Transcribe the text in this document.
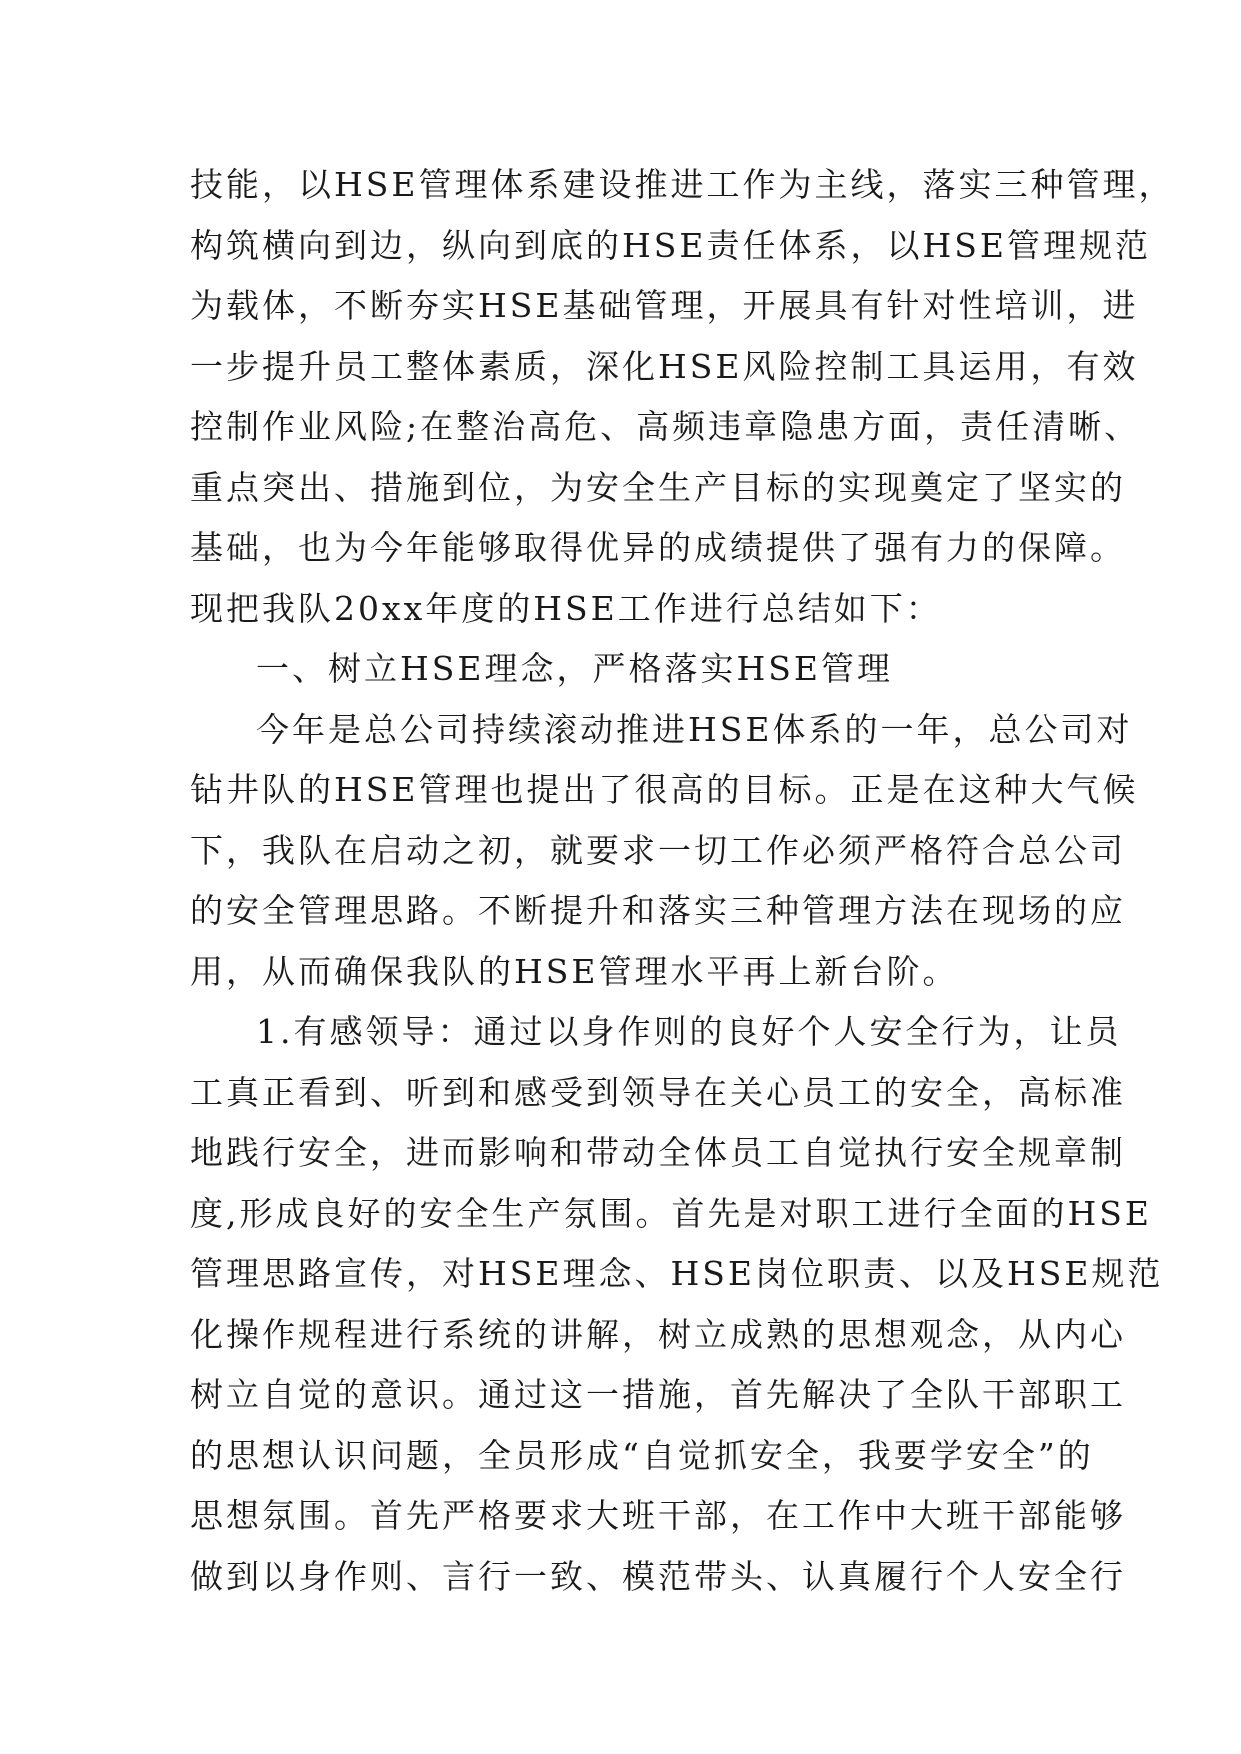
技能，以HSE管理体系建设推进工作为主线，落实三种管理，

构筑横向到边，纵向到底的HSE责任体系，以HSE管理规范

为载体，不断夯实HSE基础管理，开展具有针对性培训，进

一步提升员工整体素质，深化HSE风险控制工具运用，有效

控制作业风险;在整治高危、高频违章隐患方面，责任清晰、

重点突出、措施到位，为安全生产目标的实现奠定了坚实的

基础，也为今年能够取得优异的成绩提供了强有力的保障。

现把我队20xx年度的HSE工作进行总结如下：

一、树立HSE理念，严格落实HSE管理

今年是总公司持续滚动推进HSE体系的一年，总公司对

钻井队的HSE管理也提出了很高的目标。正是在这种大气候

下，我队在启动之初，就要求一切工作必须严格符合总公司

的安全管理思路。不断提升和落实三种管理方法在现场的应

用，从而确保我队的HSE管理水平再上新台阶。

1.有感领导：通过以身作则的良好个人安全行为，让员

工真正看到、听到和感受到领导在关心员工的安全，高标准

地践行安全，进而影响和带动全体员工自觉执行安全规章制

度,形成良好的安全生产氛围。首先是对职工进行全面的HSE

管理思路宣传，对HSE理念、HSE岗位职责、以及HSE规范

化操作规程进行系统的讲解，树立成熟的思想观念，从内心

树立自觉的意识。通过这一措施，首先解决了全队干部职工

的思想认识问题，全员形成“自觉抓安全，我要学安全”的

思想氛围。首先严格要求大班干部，在工作中大班干部能够

做到以身作则、言行一致、模范带头、认真履行个人安全行
